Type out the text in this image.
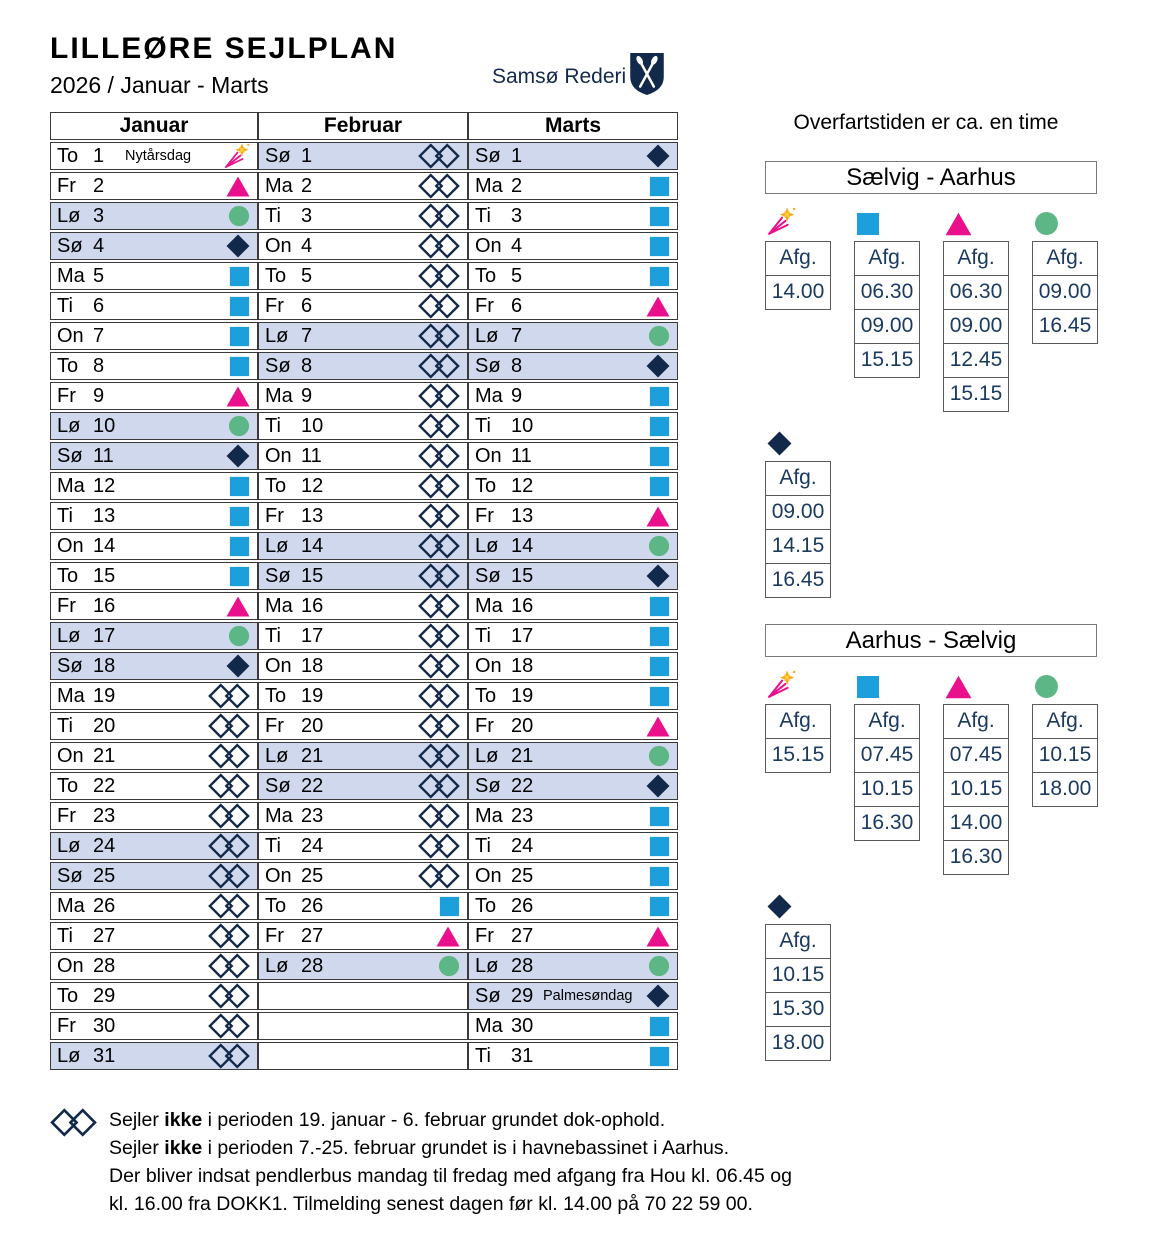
LILLEØRE SEJLPLAN
2026 / Januar - Marts	Samsø Rederi
Januar	Februar	Marts

To 1 Nytårsdag	Sø 1	Sø 1

Fr 2	Ma 2	Ma 2

Lø 3	Ti 3	Ti 3

Sø 4	On 4	On 4

Ma 5	To 5	To 5

Ti 6	Fr 6	Fr 6

On 7	Lø 7	Lø 7

To 8	Sø 8	Sø 8

Fr 9	Ma 9	Ma 9

Lø 10	Ti 10	Ti 10

Sø 11	On 11	On 11

Ma 12	To 12	To 12

Ti 13	Fr 13	Fr 13

On 14	Lø 14	Lø 14

To 15	Sø 15	Sø 15

Fr 16	Ma 16	Ma 16

Lø 17	Ti 17	Ti 17

Sø 18	On 18	On 18

Ma 19	To 19	To 19

Ti 20	Fr 20	Fr 20

On 21	Lø 21	Lø 21

To 22	Sø 22	Sø 22

Fr 23	Ma 23	Ma 23

Lø 24	Ti 24	Ti 24

Sø 25	On 25	On 25

Ma 26	To 26	To 26

Ti 27	Fr 27	Fr 27

On 28	Lø 28	Lø 28

To 29		Sø 29 Palmesøndag

Fr 30		Ma 30

Lø 31		Ti 31
Overfartstiden er ca. en time
Sælvig - Aarhus
Afg.
14.00
Afg.
06.30
09.00
15.15
Afg.
06.30
09.00
12.45
15.15
Afg.
09.00
16.45
Afg.
09.00
14.15
16.45
Aarhus - Sælvig
Afg.
15.15
Afg.
07.45
10.15
16.30
Afg.
07.45
10.15
14.00
16.30
Afg.
10.15
18.00
Afg.
10.15
15.30
18.00
Sejler ikke i perioden 19. januar - 6. februar grundet dok-ophold.
Sejler ikke i perioden 7.-25. februar grundet is i havnebassinet i Aarhus.
Der bliver indsat pendlerbus mandag til fredag med afgang fra Hou kl. 06.45 og
kl. 16.00 fra DOKK1. Tilmelding senest dagen før kl. 14.00 på 70 22 59 00.
